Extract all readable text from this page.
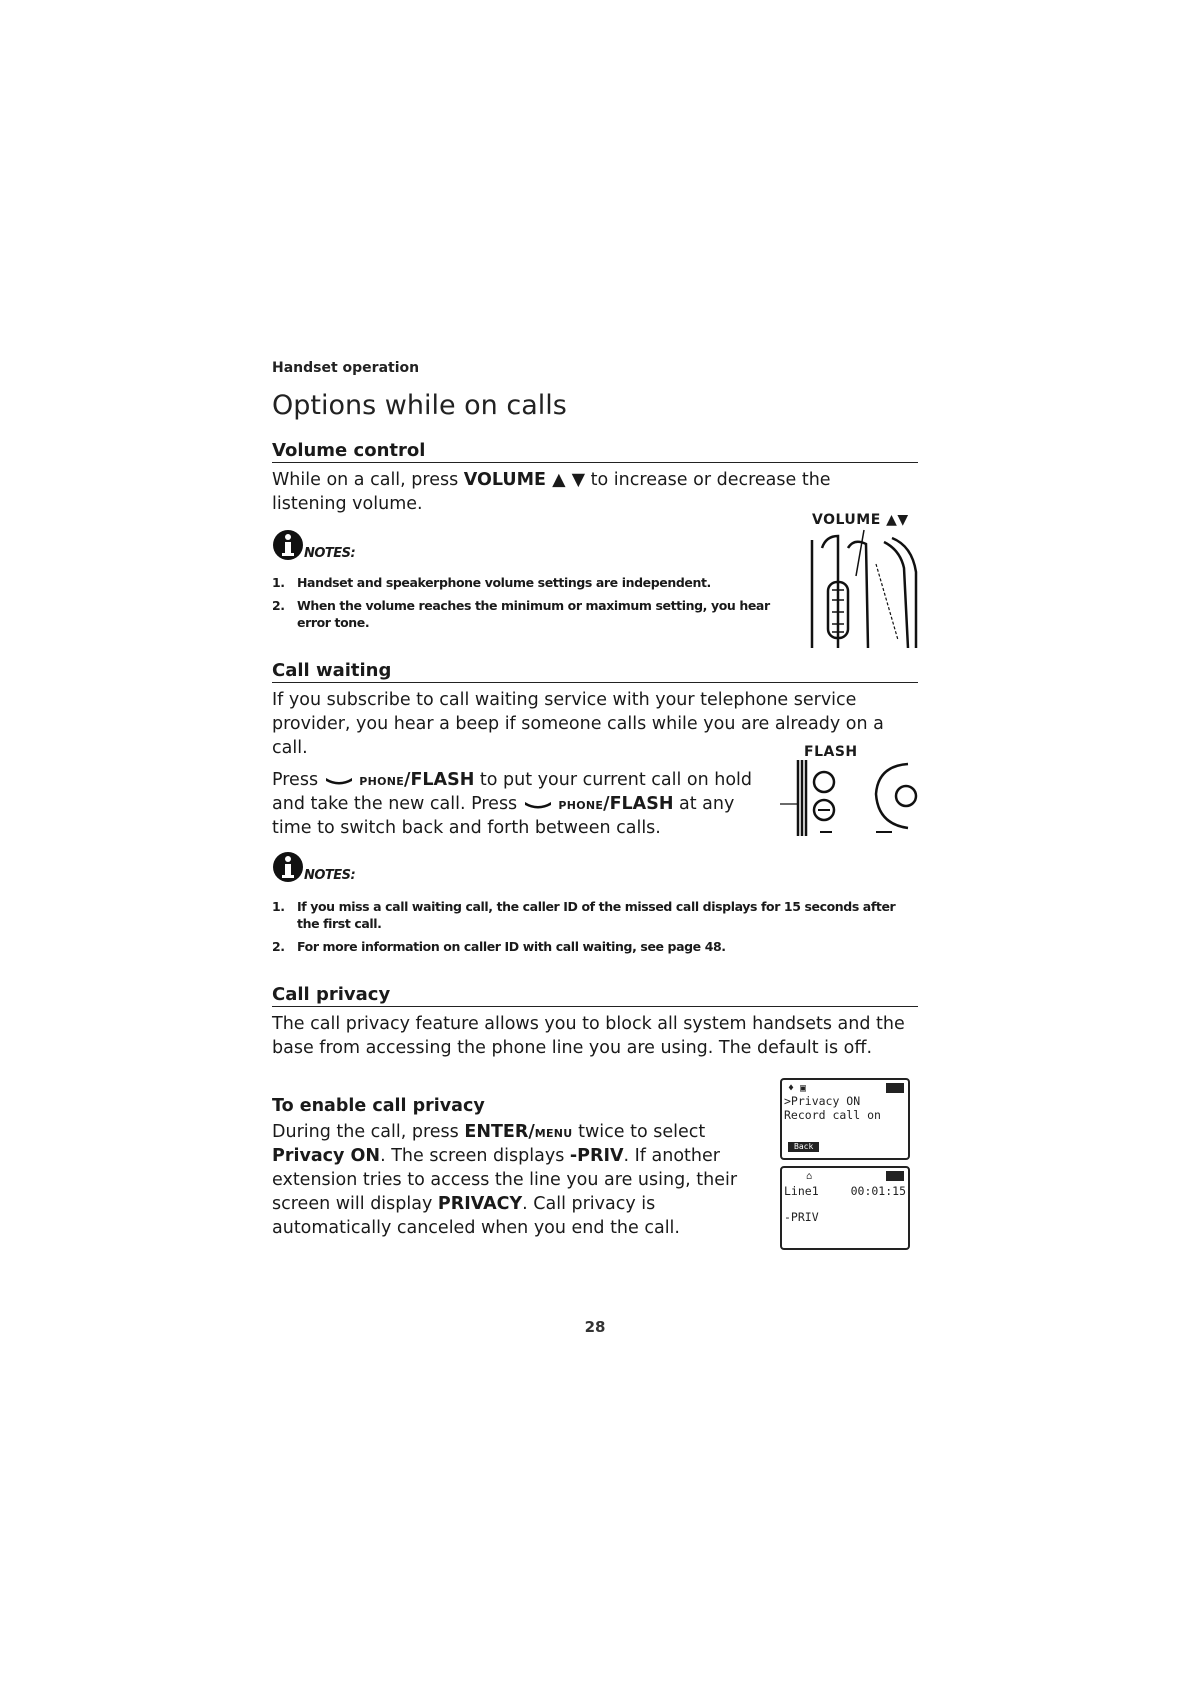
Handset operation
Options while on calls
Volume control
While on a call, press VOLUME ▲ ▼ to increase or decrease the listening volume.
VOLUME ▲▼
NOTES:
1. Handset and speakerphone volume settings are independent.
2. When the volume reaches the minimum or maximum setting, you hear error tone.
Call waiting
If you subscribe to call waiting service with your telephone service provider, you hear a beep if someone calls while you are already on a call.	FLASH
Press  phone/FLASH to put your current call on hold and take the new call. Press  phone/FLASH at any time to switch back and forth between calls.
NOTES:
1. If you miss a call waiting call, the caller ID of the missed call displays for 15 seconds after the first call.
2. For more information on caller ID with call waiting, see page 48.
Call privacy
The call privacy feature allows you to block all system handsets and the base from accessing the phone line you are using. The default is off.
To enable call privacy
During the call, press ENTER/menu twice to select Privacy ON. The screen displays -PRIV. If another extension tries to access the line you are using, their screen will display PRIVACY. Call privacy is automatically canceled when you end the call.
♦ ▣
>Privacy ON
Record call on
Back
⌂
Line1	00:01:15
-PRIV
28
